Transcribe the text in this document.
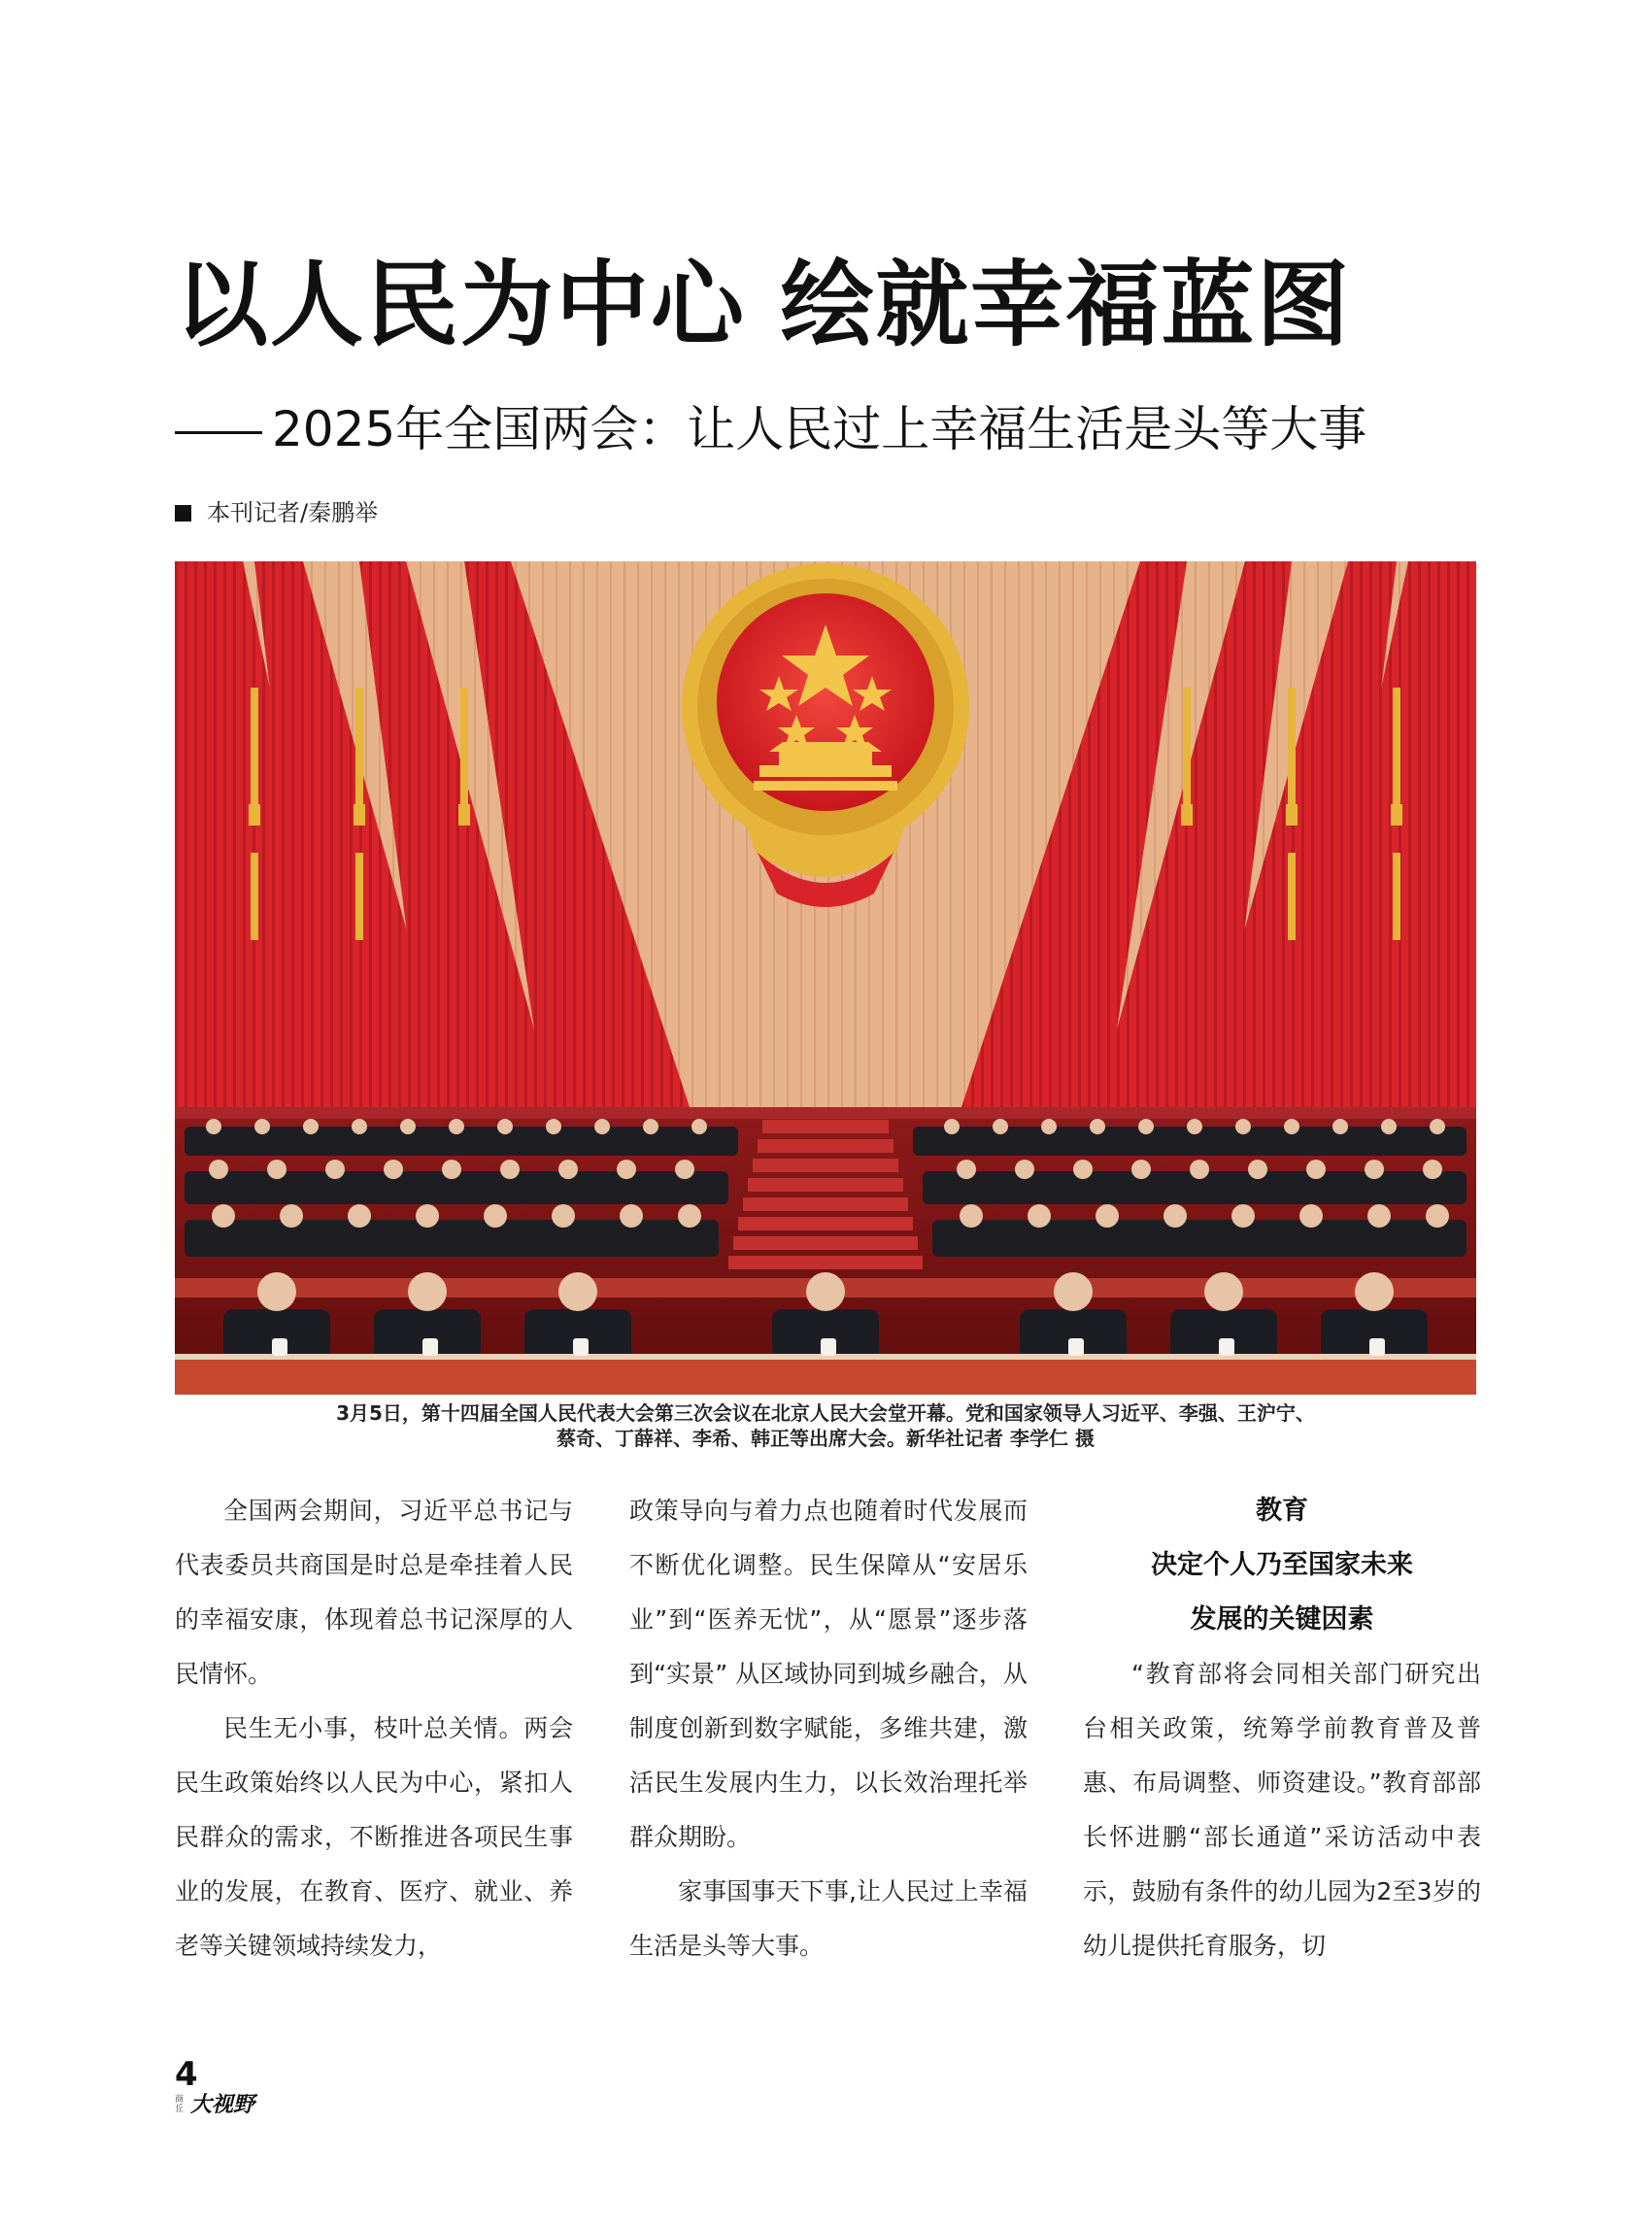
以人民为中心 绘就幸福蓝图
2025年全国两会：让人民过上幸福生活是头等大事
本刊记者/秦鹏举
3月5日，第十四届全国人民代表大会第三次会议在北京人民大会堂开幕。党和国家领导人习近平、李强、王沪宁、
蔡奇、丁薛祥、李希、韩正等出席大会。新华社记者 李学仁 摄

全国两会期间，习近平总书记与代表委员共商国是时总是牵挂着人民的幸福安康，体现着总书记深厚的人民情怀。

民生无小事，枝叶总关情。两会民生政策始终以人民为中心，紧扣人民群众的需求，不断推进各项民生事业的发展，在教育、医疗、就业、养老等关键领域持续发力，

政策导向与着力点也随着时代发展而不断优化调整。民生保障从“安居乐业”到“医养无忧”，从“愿景”逐步落到“实景” 从区域协同到城乡融合，从制度创新到数字赋能，多维共建，激活民生发展内生力，以长效治理托举群众期盼。

家事国事天下事,让人民过上幸福生活是头等大事。

教育
决定个人乃至国家未来
发展的关键因素

“教育部将会同相关部门研究出台相关政策，统筹学前教育普及普惠、布局调整、师资建设。”教育部部长怀进鹏“部长通道”采访活动中表示，鼓励有条件的幼儿园为2至3岁的幼儿提供托育服务，切

4
商丘 大视野
